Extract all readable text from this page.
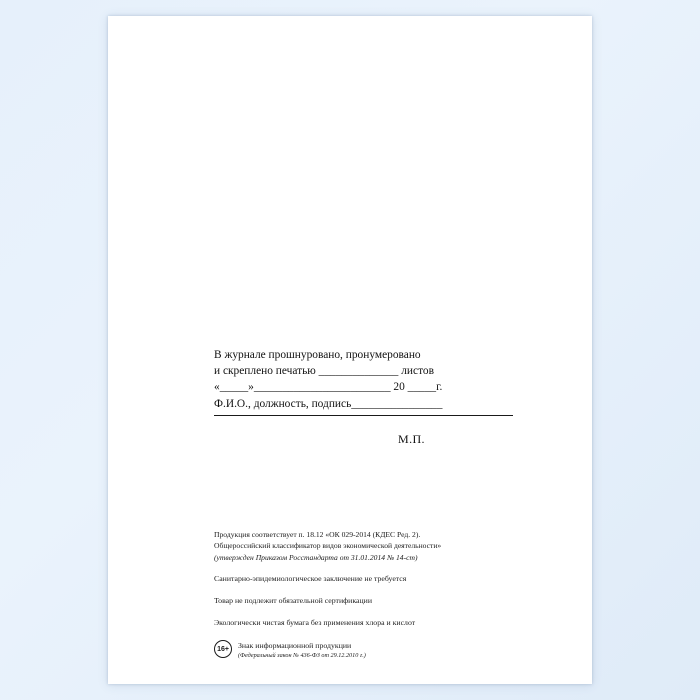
В журнале прошнуровано, пронумеровано
и скреплено печатью ______________ листов
«_____»________________________ 20 _____г.
Ф.И.О., должность, подпись________________
М.П.
Продукция соответствует п. 18.12 «ОК 029-2014 (КДЕС Ред. 2).
Общероссийский классификатор видов экономической деятельности»
(утвержден Приказом Росстандарта от 31.01.2014 № 14-ст)
Санитарно-эпидемиологическое заключение не требуется
Товар не подлежит обязательной сертификации
Экологически чистая бумага без применения хлора и кислот
16+	Знак информационной продукции
(Федеральный закон № 436-ФЗ от 29.12.2010 г.)
